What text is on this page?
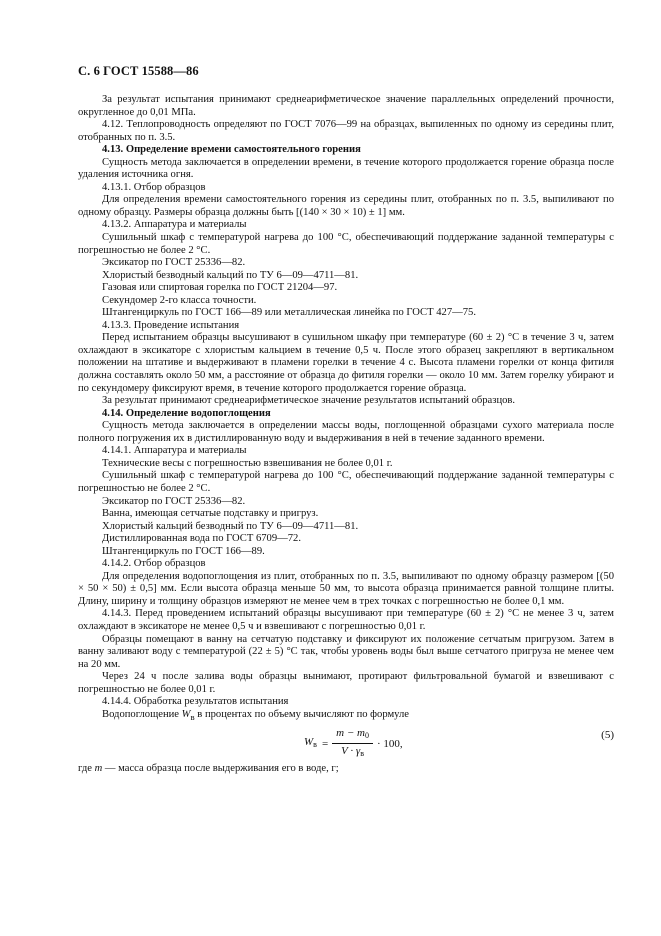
С. 6 ГОСТ 15588—86

За результат испытания принимают среднеарифметическое значение параллельных определений прочности, округленное до 0,01 МПа.

4.12. Теплопроводность определяют по ГОСТ 7076—99 на образцах, выпиленных по одному из середины плит, отобранных по п. 3.5.

4.13. Определение времени самостоятельного горения

Сущность метода заключается в определении времени, в течение которого продолжается горение образца после удаления источника огня.

4.13.1. Отбор образцов

Для определения времени самостоятельного горения из середины плит, отобранных по п. 3.5, выпиливают по одному образцу. Размеры образца должны быть [(140 × 30 × 10) ± 1] мм.

4.13.2. Аппаратура и материалы

Сушильный шкаф с температурой нагрева до 100 °С, обеспечивающий поддержание заданной температуры с погрешностью не более 2 °С.

Эксикатор по ГОСТ 25336—82.

Хлористый безводный кальций по ТУ 6—09—4711—81.

Газовая или спиртовая горелка по ГОСТ 21204—97.

Секундомер 2-го класса точности.

Штангенциркуль по ГОСТ 166—89 или металлическая линейка по ГОСТ 427—75.

4.13.3. Проведение испытания

Перед испытанием образцы высушивают в сушильном шкафу при температуре (60 ± 2) °С в течение 3 ч, затем охлаждают в эксикаторе с хлористым кальцием в течение 0,5 ч. После этого образец закрепляют в вертикальном положении на штативе и выдерживают в пламени горелки в течение 4 с. Высота пламени горелки от конца фитиля должна составлять около 50 мм, а расстояние от образца до фитиля горелки — около 10 мм. Затем горелку убирают и по секундомеру фиксируют время, в течение которого продолжается горение образца.

За результат принимают среднеарифметическое значение результатов испытаний образцов.

4.14. Определение водопоглощения

Сущность метода заключается в определении массы воды, поглощенной образцами сухого материала после полного погружения их в дистиллированную воду и выдерживания в ней в течение заданного времени.

4.14.1. Аппаратура и материалы

Технические весы с погрешностью взвешивания не более 0,01 г.

Сушильный шкаф с температурой нагрева до 100 °С, обеспечивающий поддержание заданной температуры с погрешностью не более 2 °С.

Эксикатор по ГОСТ 25336—82.

Ванна, имеющая сетчатые подставку и пригруз.

Хлористый кальций безводный по ТУ 6—09—4711—81.

Дистиллированная вода по ГОСТ 6709—72.

Штангенциркуль по ГОСТ 166—89.

4.14.2. Отбор образцов

Для определения водопоглощения из плит, отобранных по п. 3.5, выпиливают по одному образцу размером [(50 × 50 × 50) ± 0,5] мм. Если высота образца меньше 50 мм, то высота образца принимается равной толщине плиты. Длину, ширину и толщину образцов измеряют не менее чем в трех точках с погрешностью не более 0,1 мм.

4.14.3. Перед проведением испытаний образцы высушивают при температуре (60 ± 2) °С не менее 3 ч, затем охлаждают в эксикаторе не менее 0,5 ч и взвешивают с погрешностью 0,01 г.

Образцы помещают в ванну на сетчатую подставку и фиксируют их положение сетчатым пригрузом. Затем в ванну заливают воду с температурой (22 ± 5) °С так, чтобы уровень воды был выше сетчатого пригруза не менее чем на 20 мм.

Через 24 ч после залива воды образцы вынимают, протирают фильтровальной бумагой и взвешивают с погрешностью не более 0,01 г.

4.14.4. Обработка результатов испытания

Водопоглощение $W_в$ в процентах по объему вычисляют по формуле

$W_в = \frac{m - m_0}{V \cdot \gamma_в} \cdot 100$,
(5)

где m — масса образца после выдерживания его в воде, г;
